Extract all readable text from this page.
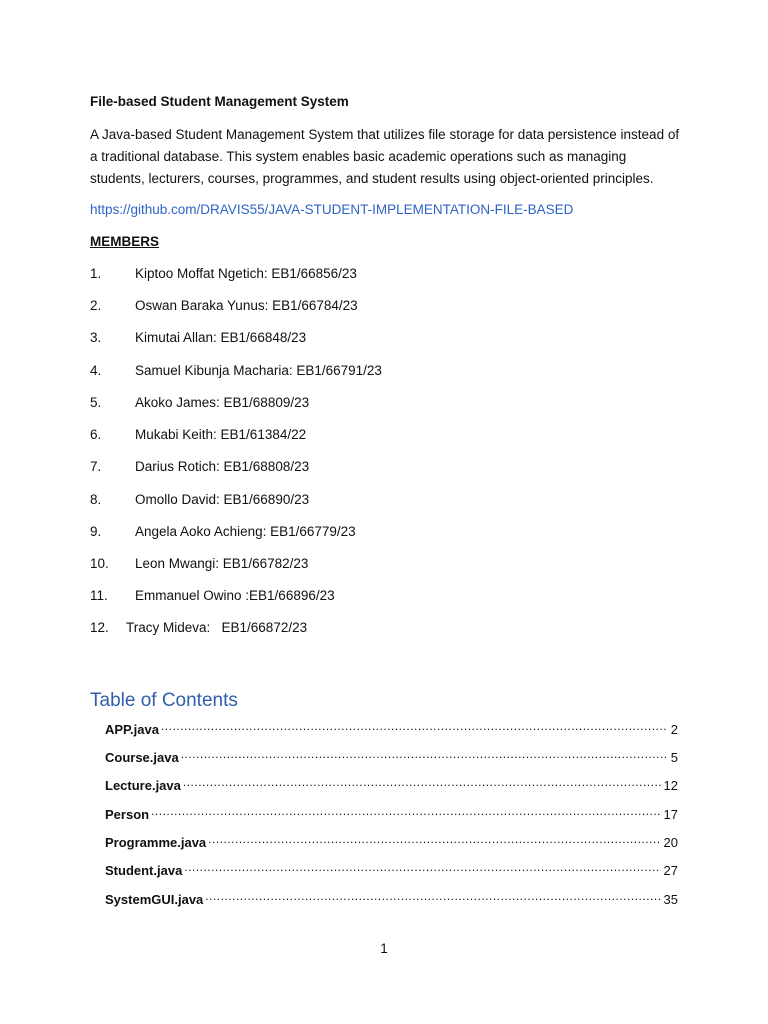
File-based Student Management System
A Java-based Student Management System that utilizes file storage for data persistence instead of a traditional database. This system enables basic academic operations such as managing students, lecturers, courses, programmes, and student results using object-oriented principles.
https://github.com/DRAVIS55/JAVA-STUDENT-IMPLEMENTATION-FILE-BASED
MEMBERS
1. Kiptoo Moffat Ngetich: EB1/66856/23
2. Oswan Baraka Yunus: EB1/66784/23
3. Kimutai Allan: EB1/66848/23
4. Samuel Kibunja Macharia: EB1/66791/23
5. Akoko James: EB1/68809/23
6. Mukabi Keith: EB1/61384/22
7. Darius Rotich: EB1/68808/23
8. Omollo David: EB1/66890/23
9. Angela Aoko Achieng: EB1/66779/23
10. Leon Mwangi: EB1/66782/23
11. Emmanuel Owino :EB1/66896/23
12. Tracy Mideva:   EB1/66872/23
Table of Contents
APP.java .....	2
Course.java .....	5
Lecture.java .....	12
Person .....	17
Programme.java .....	20
Student.java .....	27
SystemGUI.java .....	35
1
